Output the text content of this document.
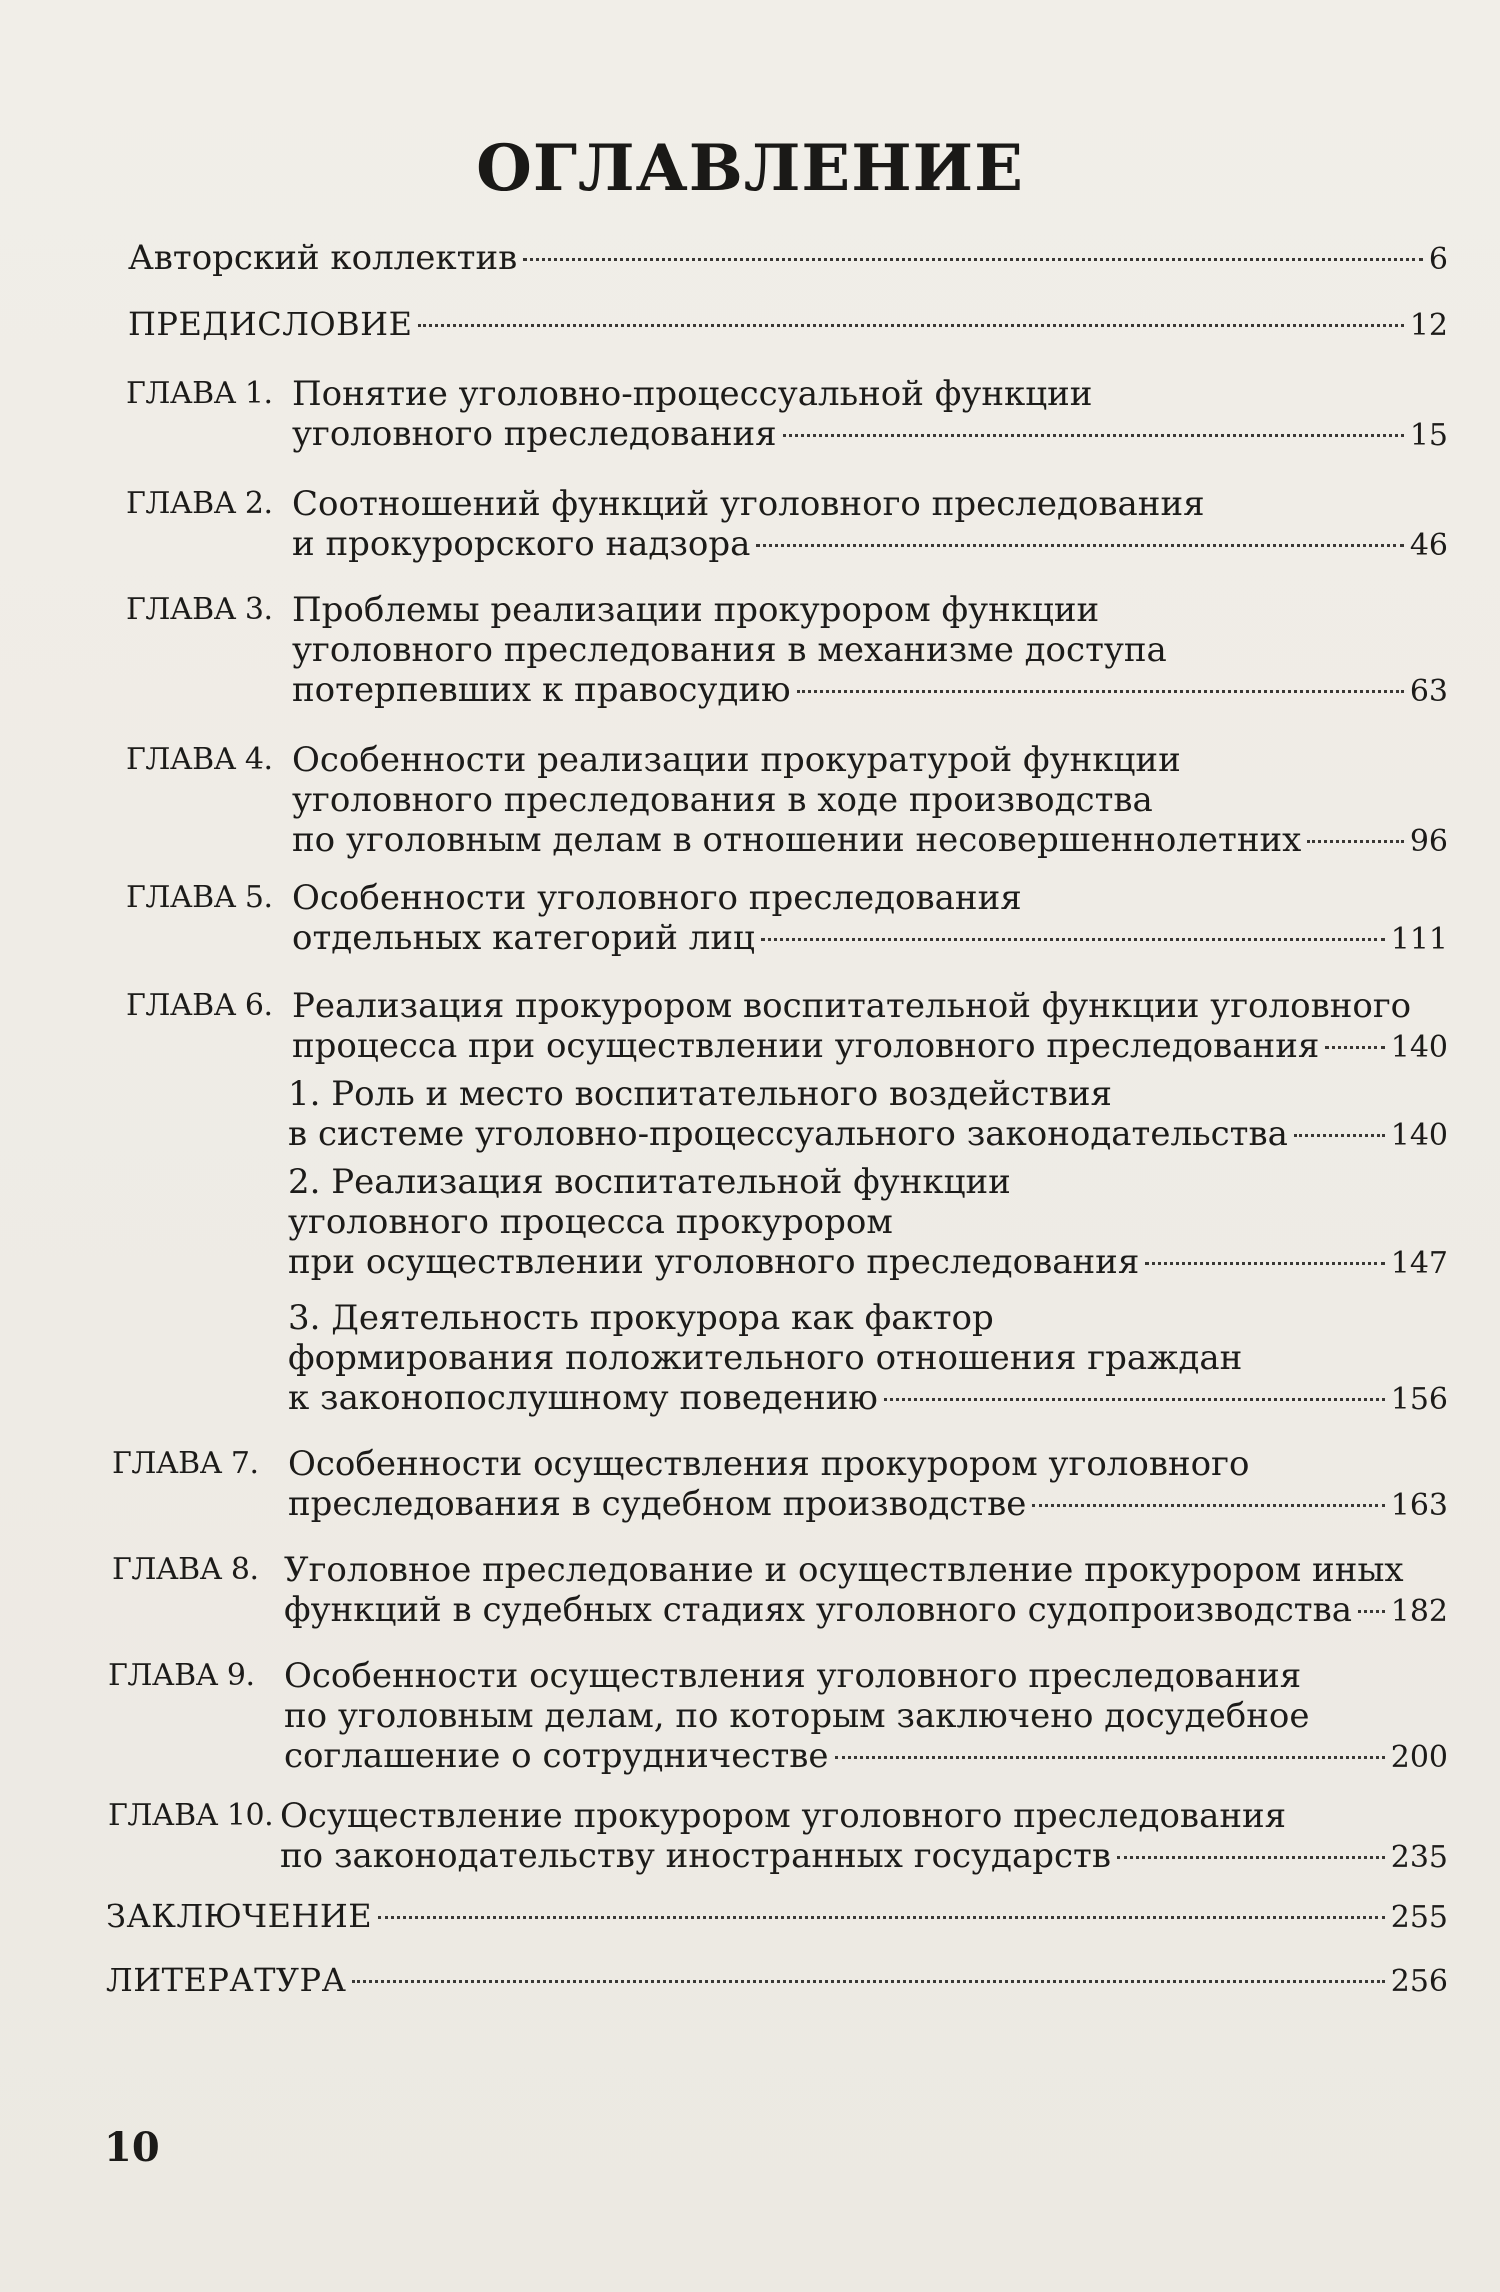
ОГЛАВЛЕНИЕ
Авторский коллектив	6
ПРЕДИСЛОВИЕ	12
ГЛАВА 1. Понятие уголовно-процессуальной функции
уголовного преследования	15
ГЛАВА 2. Соотношений функций уголовного преследования
и прокурорского надзора	46
ГЛАВА 3. Проблемы реализации прокурором функции
уголовного преследования в механизме доступа
потерпевших к правосудию	63
ГЛАВА 4. Особенности реализации прокуратурой функции
уголовного преследования в ходе производства
по уголовным делам в отношении несовершеннолетних	96
ГЛАВА 5. Особенности уголовного преследования
отдельных категорий лиц	111
ГЛАВА 6. Реализация прокурором воспитательной функции уголовного
процесса при осуществлении уголовного преследования 140
1. Роль и место воспитательного воздействия
в системе уголовно-процессуального законодательства	140
2. Реализация воспитательной функции
уголовного процесса прокурором
при осуществлении уголовного преследования	147
3. Деятельность прокурора как фактор
формирования положительного отношения граждан
к законопослушному поведению	156
ГЛАВА 7. Особенности осуществления прокурором уголовного
преследования в судебном производстве	163
ГЛАВА 8. Уголовное преследование и осуществление прокурором иных
функций в судебных стадиях уголовного судопроизводства 182
ГЛАВА 9. Особенности осуществления уголовного преследования
по уголовным делам, по которым заключено досудебное
соглашение о сотрудничестве	200
ГЛАВА 10. Осуществление прокурором уголовного преследования
по законодательству иностранных государств	235
ЗАКЛЮЧЕНИЕ	255
ЛИТЕРАТУРА	256
10
